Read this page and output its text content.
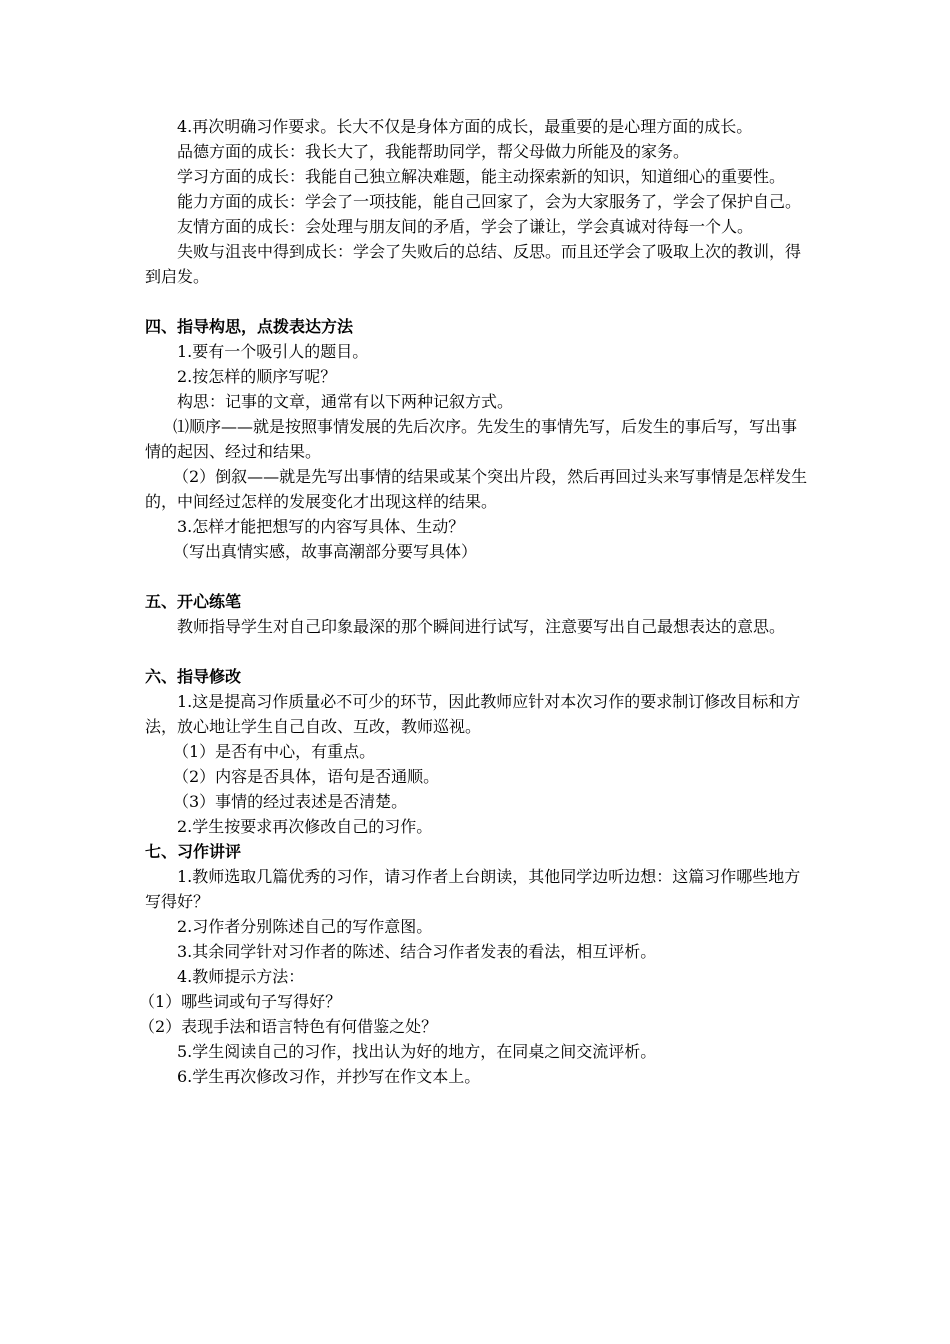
4.再次明确习作要求。长大不仅是身体方面的成长，最重要的是心理方面的成长。

品德方面的成长：我长大了，我能帮助同学，帮父母做力所能及的家务。

学习方面的成长：我能自己独立解决难题，能主动探索新的知识，知道细心的重要性。

能力方面的成长：学会了一项技能，能自己回家了，会为大家服务了，学会了保护自己。

友情方面的成长：会处理与朋友间的矛盾，学会了谦让，学会真诚对待每一个人。

失败与沮丧中得到成长：学会了失败后的总结、反思。而且还学会了吸取上次的教训，得到启发。

四、指导构思，点拨表达方法

1.要有一个吸引人的题目。

2.按怎样的顺序写呢？

构思：记事的文章，通常有以下两种记叙方式。

⑴顺序——就是按照事情发展的先后次序。先发生的事情先写，后发生的事后写，写出事情的起因、经过和结果。

（2）倒叙——就是先写出事情的结果或某个突出片段，然后再回过头来写事情是怎样发生的，中间经过怎样的发展变化才出现这样的结果。

3.怎样才能把想写的内容写具体、生动？

（写出真情实感，故事高潮部分要写具体）

五、开心练笔

教师指导学生对自己印象最深的那个瞬间进行试写，注意要写出自己最想表达的意思。

六、指导修改

1.这是提高习作质量必不可少的环节，因此教师应针对本次习作的要求制订修改目标和方法，放心地让学生自己自改、互改，教师巡视。

（1）是否有中心，有重点。

（2）内容是否具体，语句是否通顺。

（3）事情的经过表述是否清楚。

2.学生按要求再次修改自己的习作。

七、习作讲评

1.教师选取几篇优秀的习作，请习作者上台朗读，其他同学边听边想：这篇习作哪些地方写得好？

2.习作者分别陈述自己的写作意图。

3.其余同学针对习作者的陈述、结合习作者发表的看法，相互评析。

4.教师提示方法：

（1）哪些词或句子写得好？

（2）表现手法和语言特色有何借鉴之处？

5.学生阅读自己的习作，找出认为好的地方，在同桌之间交流评析。

6.学生再次修改习作，并抄写在作文本上。
